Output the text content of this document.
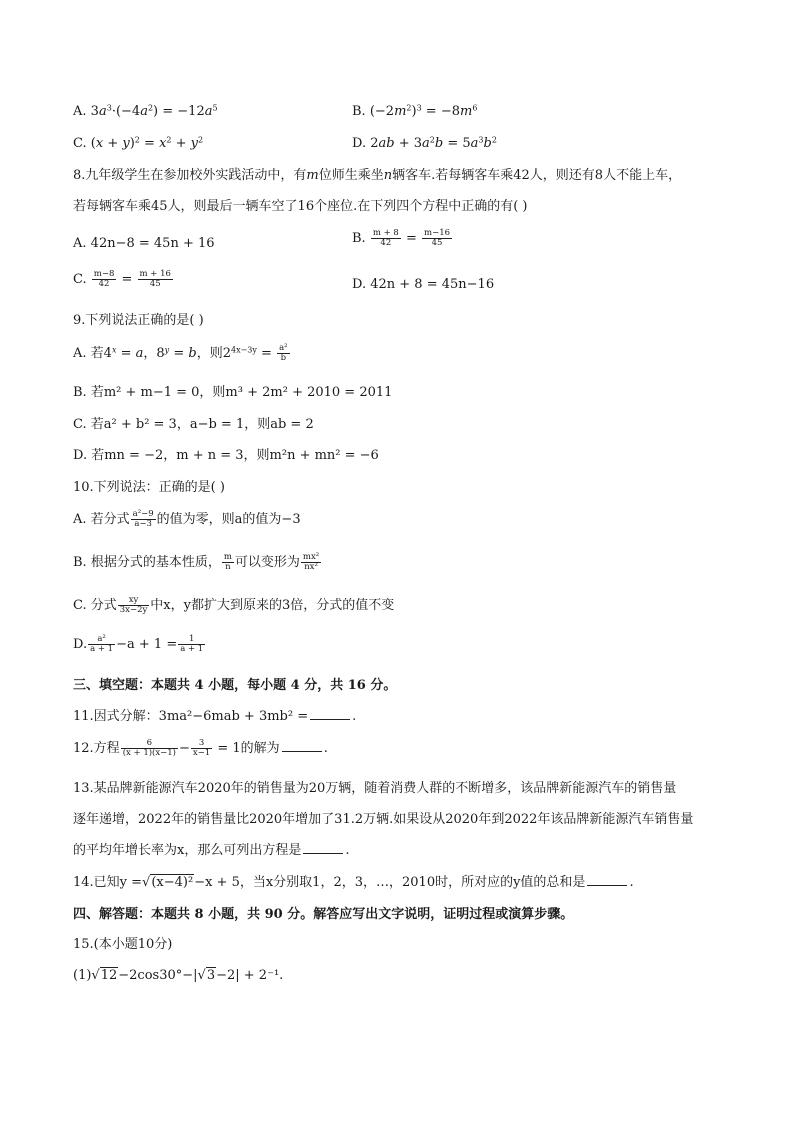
A. $3a^3\cdot(-4a^2) = -12a^5$	B. $(-2m^2)^3 = -8m^6$
C. $(x + y)^2 = x^2 + y^2$	D. $2ab + 3a^2b = 5a^3b^2$
8.九年级学生在参加校外实践活动中，有m位师生乘坐n辆客车.若每辆客车乘42人，则还有8人不能上车，
若每辆客车乘45人，则最后一辆车空了16个座位.在下列四个方程中正确的有( )
A. 42n−8 = 45n + 16	B. $\frac{m + 8}{42} = \frac{m-16}{45}$
C. $\frac{m-8}{42} = \frac{m + 16}{45}$	D. 42n + 8 = 45n−16
9.下列说法正确的是( )
A. 若$4^x = a$，$8^y = b$，则$2^{4x-3y} = \frac{\text{a²}}{b}$
B. 若m² + m−1 = 0，则m³ + 2m² + 2010 = 2011
C. 若a² + b² = 3，a−b = 1，则ab = 2
D. 若mn = −2，m + n = 3，则m²n + mn² = −6
10.下列说法：正确的是( )
A. 若分式 $\frac{\text{a²−9}}{a-3}$ 的值为零，则a的值为−3
B. 根据分式的基本性质， $\frac{m}{n}$ 可以变形为 $\frac{\text{mx²}}{\text{nx²}}$
C. 分式 $\frac{xy}{3x-2y}$ 中x，y都扩大到原来的3倍，分式的值不变
D. $\frac{\text{a²}}{a + 1} -a + 1 = \frac{1}{a + 1}$
三、填空题：本题共 4 小题，每小题 4 分，共 16 分。
11.因式分解：3ma²−6mab + 3mb² =	.
12.方程 $\frac{6}{(x + 1)(x-1)} - \frac{3}{x-1} = 1$的解为	.
13.某品牌新能源汽车2020年的销售量为20万辆，随着消费人群的不断增多，该品牌新能源汽车的销售量
逐年递增，2022年的销售量比2020年增加了31.2万辆.如果设从2020年到2022年该品牌新能源汽车销售量
的平均年增长率为x，那么可列出方程是	.
14.已知y =√(x−4)²−x + 5，当x分别取1，2，3，…，2010时，所对应的y值的总和是	.
四、解答题：本题共 8 小题，共 90 分。解答应写出文字说明，证明过程或演算步骤。
15.(本小题10分)
(1)√12−2cos30°−|√3−2| + 2⁻¹.
